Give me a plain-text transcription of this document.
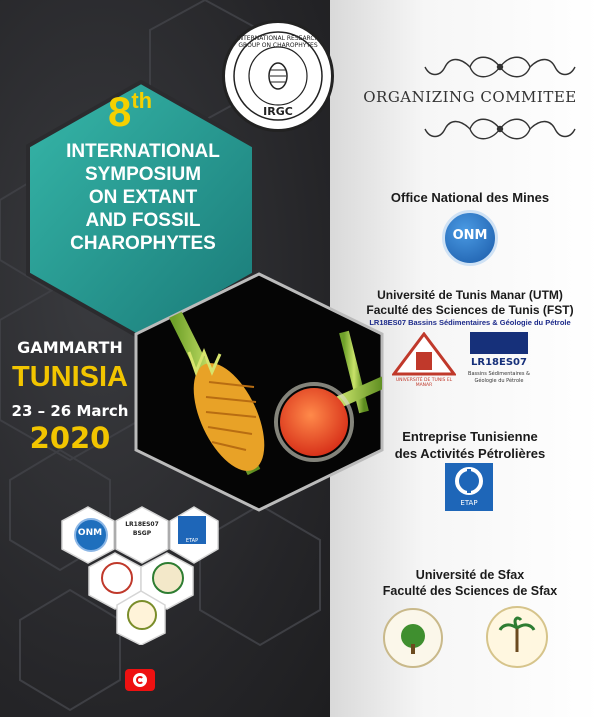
8th
INTERNATIONAL
SYMPOSIUM
ON EXTANT
AND FOSSIL
CHAROPHYTES
INTERNATIONAL RESEARCH GROUP ON CHAROPHYTES
IRGC
GAMMARTH
TUNISIA
23 – 26 March
2020
ONM
LR18ES07
BSGP
ETAP
ORGANIZING COMMITEE
Office National des Mines
ONM
Université de Tunis Manar (UTM)
Faculté des Sciences de Tunis (FST)
LR18ES07 Bassins Sédimentaires & Géologie du Pétrole
UNIVERSITÉ DE TUNIS EL MANAR
LR18ES07
Bassins Sédimentaires & Géologie du Pétrole
Entreprise Tunisienne
des Activités Pétrolières
ETAP
Université de Sfax
Faculté des Sciences de Sfax
